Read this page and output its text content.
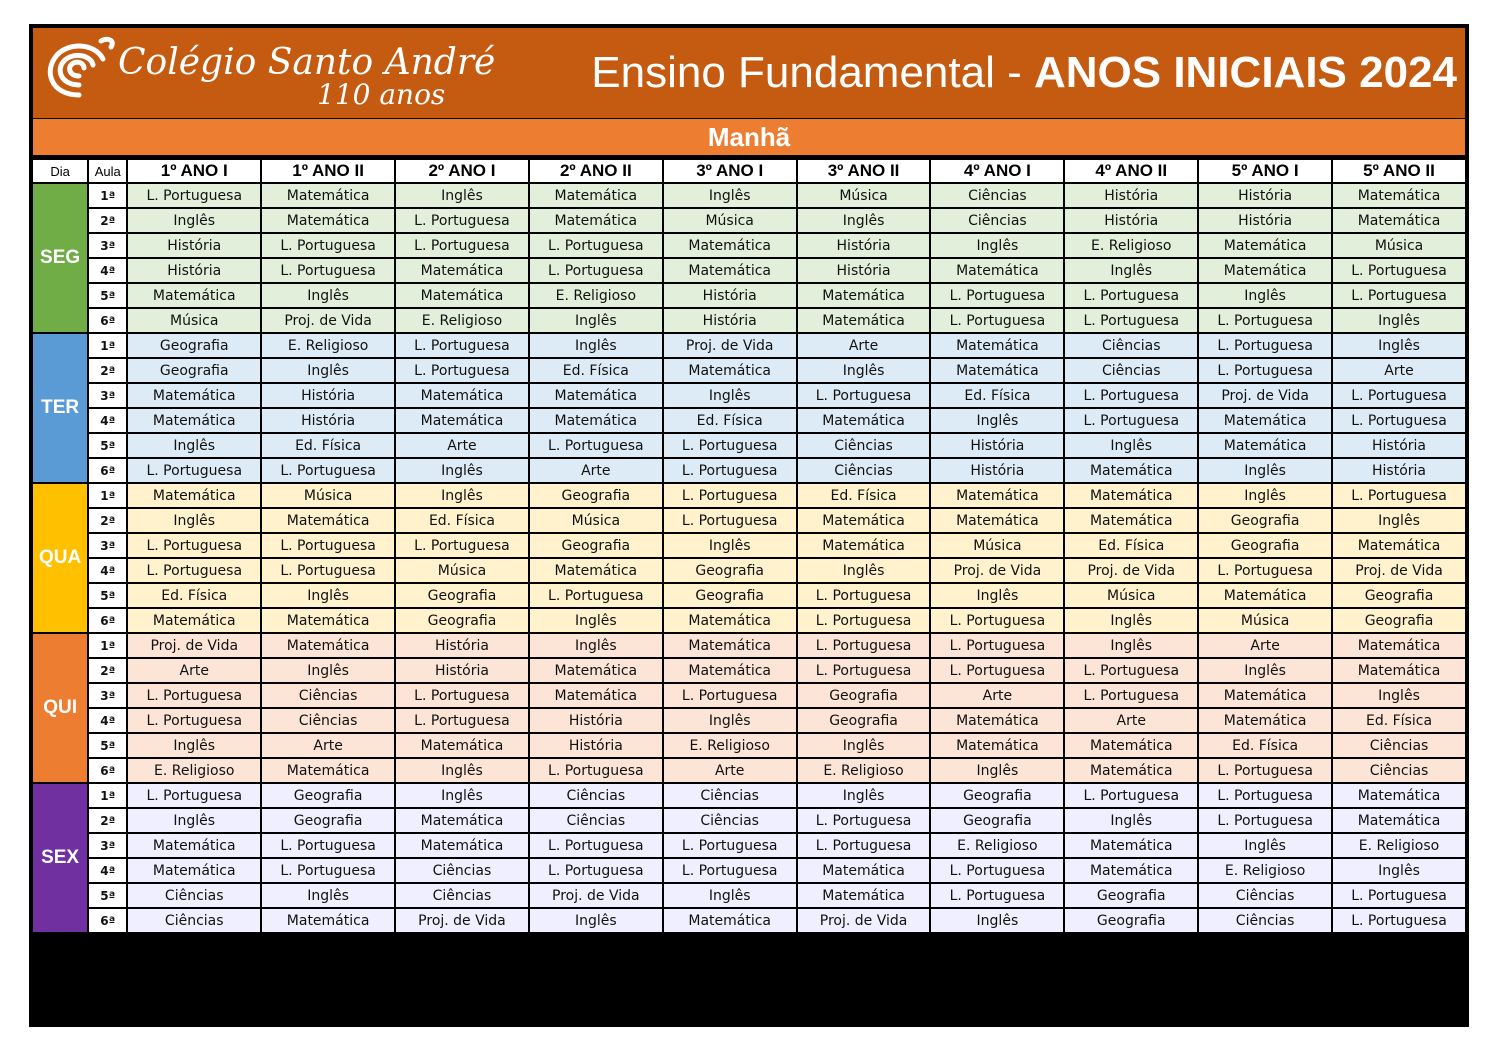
Colégio Santo André
110 anos	Ensino Fundamental - ANOS INICIAIS 2024
Manhã
Dia	Aula	1º ANO I	1º ANO II	2º ANO I	2º ANO II	3º ANO I	3º ANO II	4º ANO I	4º ANO II	5º ANO I	5º ANO II
SEG	1ª	L. Portuguesa	Matemática	Inglês	Matemática	Inglês	Música	Ciências	História	História	Matemática
	2ª	Inglês	Matemática	L. Portuguesa	Matemática	Música	Inglês	Ciências	História	História	Matemática
	3ª	História	L. Portuguesa	L. Portuguesa	L. Portuguesa	Matemática	História	Inglês	E. Religioso	Matemática	Música
	4ª	História	L. Portuguesa	Matemática	L. Portuguesa	Matemática	História	Matemática	Inglês	Matemática	L. Portuguesa
	5ª	Matemática	Inglês	Matemática	E. Religioso	História	Matemática	L. Portuguesa	L. Portuguesa	Inglês	L. Portuguesa
	6ª	Música	Proj. de Vida	E. Religioso	Inglês	História	Matemática	L. Portuguesa	L. Portuguesa	L. Portuguesa	Inglês
TER	1ª	Geografia	E. Religioso	L. Portuguesa	Inglês	Proj. de Vida	Arte	Matemática	Ciências	L. Portuguesa	Inglês
	2ª	Geografia	Inglês	L. Portuguesa	Ed. Física	Matemática	Inglês	Matemática	Ciências	L. Portuguesa	Arte
	3ª	Matemática	História	Matemática	Matemática	Inglês	L. Portuguesa	Ed. Física	L. Portuguesa	Proj. de Vida	L. Portuguesa
	4ª	Matemática	História	Matemática	Matemática	Ed. Física	Matemática	Inglês	L. Portuguesa	Matemática	L. Portuguesa
	5ª	Inglês	Ed. Física	Arte	L. Portuguesa	L. Portuguesa	Ciências	História	Inglês	Matemática	História
	6ª	L. Portuguesa	L. Portuguesa	Inglês	Arte	L. Portuguesa	Ciências	História	Matemática	Inglês	História
QUA	1ª	Matemática	Música	Inglês	Geografia	L. Portuguesa	Ed. Física	Matemática	Matemática	Inglês	L. Portuguesa
	2ª	Inglês	Matemática	Ed. Física	Música	L. Portuguesa	Matemática	Matemática	Matemática	Geografia	Inglês
	3ª	L. Portuguesa	L. Portuguesa	L. Portuguesa	Geografia	Inglês	Matemática	Música	Ed. Física	Geografia	Matemática
	4ª	L. Portuguesa	L. Portuguesa	Música	Matemática	Geografia	Inglês	Proj. de Vida	Proj. de Vida	L. Portuguesa	Proj. de Vida
	5ª	Ed. Física	Inglês	Geografia	L. Portuguesa	Geografia	L. Portuguesa	Inglês	Música	Matemática	Geografia
	6ª	Matemática	Matemática	Geografia	Inglês	Matemática	L. Portuguesa	L. Portuguesa	Inglês	Música	Geografia
QUI	1ª	Proj. de Vida	Matemática	História	Inglês	Matemática	L. Portuguesa	L. Portuguesa	Inglês	Arte	Matemática
	2ª	Arte	Inglês	História	Matemática	Matemática	L. Portuguesa	L. Portuguesa	L. Portuguesa	Inglês	Matemática
	3ª	L. Portuguesa	Ciências	L. Portuguesa	Matemática	L. Portuguesa	Geografia	Arte	L. Portuguesa	Matemática	Inglês
	4ª	L. Portuguesa	Ciências	L. Portuguesa	História	Inglês	Geografia	Matemática	Arte	Matemática	Ed. Física
	5ª	Inglês	Arte	Matemática	História	E. Religioso	Inglês	Matemática	Matemática	Ed. Física	Ciências
	6ª	E. Religioso	Matemática	Inglês	L. Portuguesa	Arte	E. Religioso	Inglês	Matemática	L. Portuguesa	Ciências
SEX	1ª	L. Portuguesa	Geografia	Inglês	Ciências	Ciências	Inglês	Geografia	L. Portuguesa	L. Portuguesa	Matemática
	2ª	Inglês	Geografia	Matemática	Ciências	Ciências	L. Portuguesa	Geografia	Inglês	L. Portuguesa	Matemática
	3ª	Matemática	L. Portuguesa	Matemática	L. Portuguesa	L. Portuguesa	L. Portuguesa	E. Religioso	Matemática	Inglês	E. Religioso
	4ª	Matemática	L. Portuguesa	Ciências	L. Portuguesa	L. Portuguesa	Matemática	L. Portuguesa	Matemática	E. Religioso	Inglês
	5ª	Ciências	Inglês	Ciências	Proj. de Vida	Inglês	Matemática	L. Portuguesa	Geografia	Ciências	L. Portuguesa
	6ª	Ciências	Matemática	Proj. de Vida	Inglês	Matemática	Proj. de Vida	Inglês	Geografia	Ciências	L. Portuguesa
